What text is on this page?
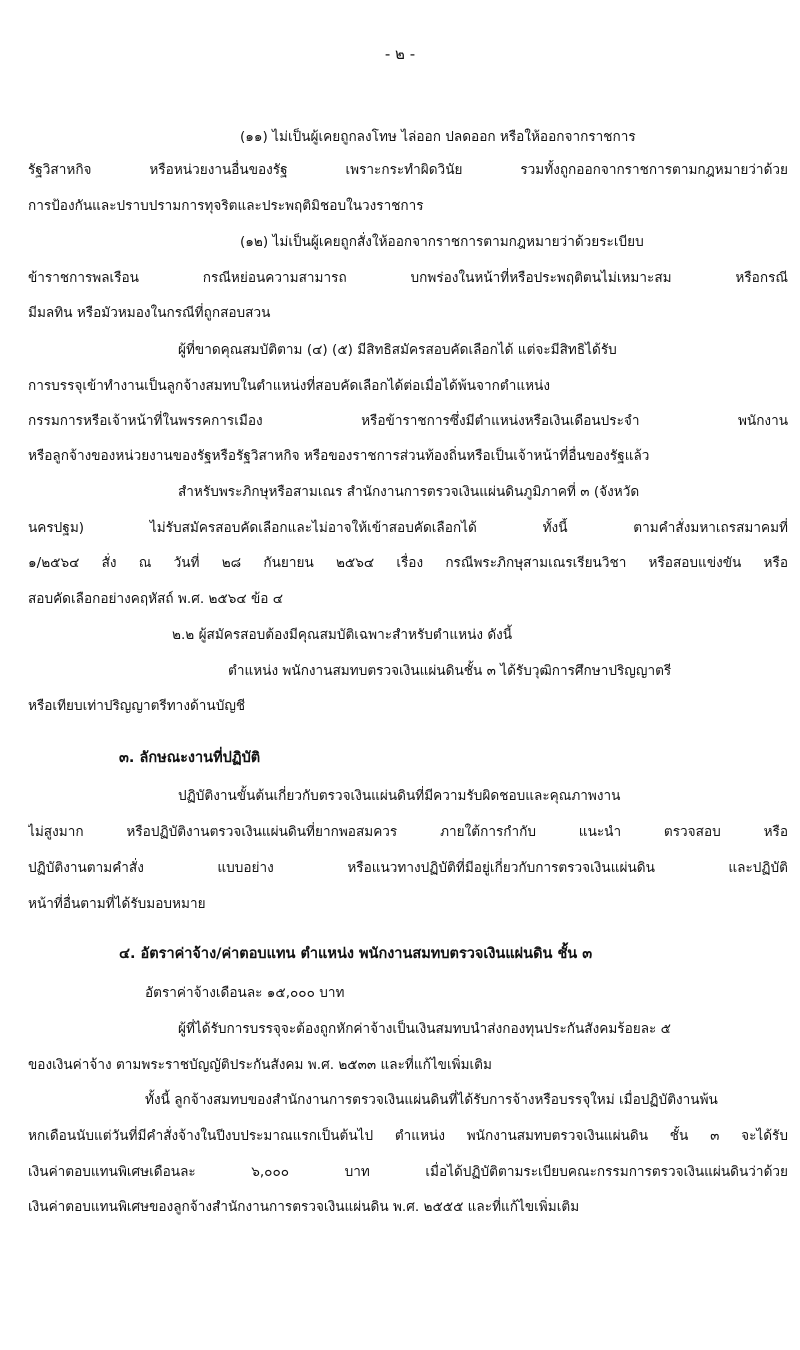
- ๒ -
(๑๑) ไม่เป็นผู้เคยถูกลงโทษ ไล่ออก ปลดออก หรือให้ออกจากราชการ
รัฐวิสาหกิจ หรือหน่วยงานอื่นของรัฐ เพราะกระทำผิดวินัย รวมทั้งถูกออกจากราชการตามกฎหมายว่าด้วย
การป้องกันและปราบปรามการทุจริตและประพฤติมิชอบในวงราชการ
(๑๒) ไม่เป็นผู้เคยถูกสั่งให้ออกจากราชการตามกฎหมายว่าด้วยระเบียบ
ข้าราชการพลเรือน กรณีหย่อนความสามารถ บกพร่องในหน้าที่หรือประพฤติตนไม่เหมาะสม หรือกรณี
มีมลทิน หรือมัวหมองในกรณีที่ถูกสอบสวน
ผู้ที่ขาดคุณสมบัติตาม (๔) (๕) มีสิทธิสมัครสอบคัดเลือกได้ แต่จะมีสิทธิได้รับ
การบรรจุเข้าทำงานเป็นลูกจ้างสมทบในตำแหน่งที่สอบคัดเลือกได้ต่อเมื่อได้พ้นจากตำแหน่ง
กรรมการหรือเจ้าหน้าที่ในพรรคการเมือง หรือข้าราชการซึ่งมีตำแหน่งหรือเงินเดือนประจำ พนักงาน
หรือลูกจ้างของหน่วยงานของรัฐหรือรัฐวิสาหกิจ หรือของราชการส่วนท้องถิ่นหรือเป็นเจ้าหน้าที่อื่นของรัฐแล้ว
สำหรับพระภิกษุหรือสามเณร สำนักงานการตรวจเงินแผ่นดินภูมิภาคที่ ๓ (จังหวัด
นครปฐม) ไม่รับสมัครสอบคัดเลือกและไม่อาจให้เข้าสอบคัดเลือกได้ ทั้งนี้ ตามคำสั่งมหาเถรสมาคมที่
๑/๒๕๖๔ สั่ง ณ วันที่ ๒๘ กันยายน ๒๕๖๔ เรื่อง กรณีพระภิกษุสามเณรเรียนวิชา หรือสอบแข่งขัน หรือ
สอบคัดเลือกอย่างคฤหัสถ์ พ.ศ. ๒๕๖๔ ข้อ ๔
๒.๒ ผู้สมัครสอบต้องมีคุณสมบัติเฉพาะสำหรับตำแหน่ง ดังนี้
ตำแหน่ง พนักงานสมทบตรวจเงินแผ่นดินชั้น ๓ ได้รับวุฒิการศึกษาปริญญาตรี
หรือเทียบเท่าปริญญาตรีทางด้านบัญชี
๓. ลักษณะงานที่ปฏิบัติ
ปฏิบัติงานขั้นต้นเกี่ยวกับตรวจเงินแผ่นดินที่มีความรับผิดชอบและคุณภาพงาน
ไม่สูงมาก หรือปฏิบัติงานตรวจเงินแผ่นดินที่ยากพอสมควร ภายใต้การกำกับ แนะนำ ตรวจสอบ หรือ
ปฏิบัติงานตามคำสั่ง แบบอย่าง หรือแนวทางปฏิบัติที่มีอยู่เกี่ยวกับการตรวจเงินแผ่นดิน และปฏิบัติ
หน้าที่อื่นตามที่ได้รับมอบหมาย
๔. อัตราค่าจ้าง/ค่าตอบแทน ตำแหน่ง พนักงานสมทบตรวจเงินแผ่นดิน ชั้น ๓
อัตราค่าจ้างเดือนละ ๑๕,๐๐๐ บาท
ผู้ที่ได้รับการบรรจุจะต้องถูกหักค่าจ้างเป็นเงินสมทบนำส่งกองทุนประกันสังคมร้อยละ ๕
ของเงินค่าจ้าง ตามพระราชบัญญัติประกันสังคม พ.ศ. ๒๕๓๓ และที่แก้ไขเพิ่มเติม
ทั้งนี้ ลูกจ้างสมทบของสำนักงานการตรวจเงินแผ่นดินที่ได้รับการจ้างหรือบรรจุใหม่ เมื่อปฏิบัติงานพ้น
หกเดือนนับแต่วันที่มีคำสั่งจ้างในปีงบประมาณแรกเป็นต้นไป ตำแหน่ง พนักงานสมทบตรวจเงินแผ่นดิน ชั้น ๓ จะได้รับ
เงินค่าตอบแทนพิเศษเดือนละ ๖,๐๐๐ บาท เมื่อได้ปฏิบัติตามระเบียบคณะกรรมการตรวจเงินแผ่นดินว่าด้วย
เงินค่าตอบแทนพิเศษของลูกจ้างสำนักงานการตรวจเงินแผ่นดิน พ.ศ. ๒๕๕๕ และที่แก้ไขเพิ่มเติม
